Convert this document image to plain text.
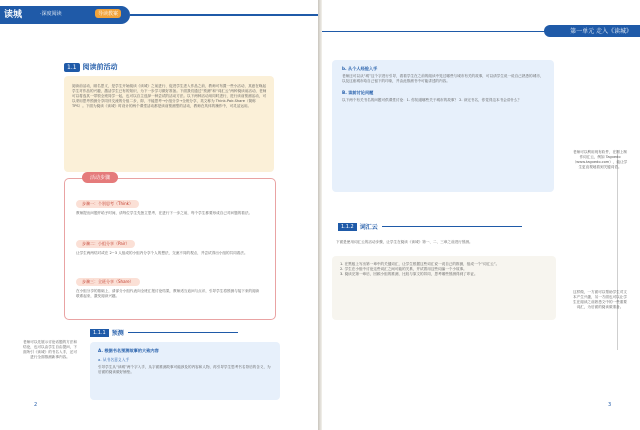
读城	·深度阅读	导读教案
1.1 阅读前活动
阅读前活动，顾名思义，是学生开始阅读《读城》之前进行、促进学生进入作品之前，教师可布置一些小活动，其意在唤起学生对作品的兴趣，激活学生已有的知识，为下一步学习做好准备。下面我们通过“预测”和“词汇云”两种阅读前活动，老师可以将选其一带领全班同学一起，也可以自主选择一种尝试的活动方法。以下两种活动用同时进行，进行读前预测活动，可以采用思考预测分享同伴交流的分组二步，即，不能思考→小组分享→全班分享，英文称为 Think-Pair-Share（简称 TPS）。下面为阅读《读城》时设计的两个课堂活动都是读前预测型的活动，教师在具体的操作中，可灵活运用。
活动步骤
步骤一：个别思考（Think）
教师提出问题并给予时间，请每位学生先独立思考，在进行下一步之前，每个学生都要形成自己对问题的看法。
步骤二：小组分享（Pair）
让学生两两结对或在 2~3 人组成的小组内分享个人的想法，交流不同的观点，并尝试得出小组的共同看法。
步骤三：全班分享（Share）
在小组分享的基础上，请部分小组代表向全班汇报讨论结果，教师适当追问与点评，引导学生将预测与接下来的阅读联系起来，激发阅读兴趣。
1.1.1	预测
A. 根据书名预测故事的大致内容
a. 从书名意义入手
引导学生从“读城”两个字入手，从字面推测故事可能涉及的内容和人物，再引导学生思考书名背后的含义，为后面的阅读做好铺垫。
老师可以先展示讨论话题的方法和结论，也可以由学生自由提问，下面所引《读城》的书名入手，还可进行全面推测新事内容。
2
第一单元 走入《读城》
b. 从个人经验入手
老师还可以从“城”这个字进行引导，看看学生在之前的阅读中见过哪些与城市有关的故事，可以请学生说一说自己熟悉的城市，以及这座城市给自己留下的印象，并由此推测书中可能讲述的内容。
B. 读前讨论问题
以下两个有关书名的问题可供课堂讨论：1. 你知道哪些关于城市的故事？ 2. 读完书名，你觉得这本书会讲什么？
1.1.2	词汇云
下面是使用词汇云的活动步骤，让学生在阅读《读城》第一、二、三章之前进行预测。
1. 在黑板上写出第一章中的关键词汇，让学生根据这些词汇说一说自己的推测，组成一个“词汇云”。
2. 学生在小组中讨论这些词汇之间可能的关系，并试着用这些词编一个小故事。
3. 阅读完第一章后，回顾小组的推测，比较与原文的异同，思考哪些预测得到了印证。
老师可以利用现有软件，在网上制作词汇云，例如 Tagxedo（www.tagxedo.com），能让学生更直观地看到关键词语。
这样做，一方面可以帮助学生对文本产生兴趣，另一方面也可以让学生在阅读之前熟悉文中的一些重要词汇，为后面的阅读做准备。
3
